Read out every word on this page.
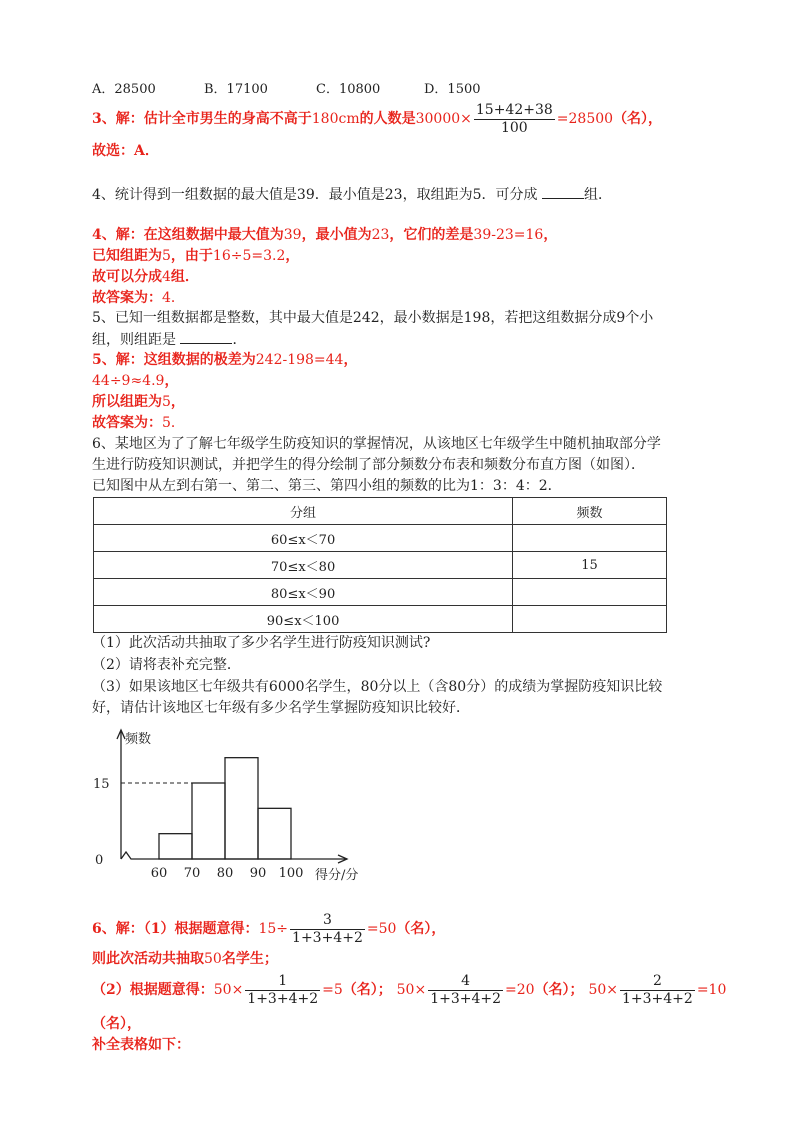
A．28500	B．17100	C．10800	D．1500
3、解：估计全市男生的身高不高于180cm的人数是$30000\times \frac{15+42+38}{100} =28500$（名），
故选：A．
4、统计得到一组数据的最大值是39．最小值是23，取组距为5．可分成	组．
4、解：在这组数据中最大值为39，最小值为23，它们的差是39-23=16，
已知组距为5，由于16÷5=3.2，
故可以分成4组．
故答案为：4．
5、已知一组数据都是整数，其中最大值是242，最小数据是198，若把这组数据分成9个小
组，则组距是	．
5、解：这组数据的极差为242-198=44，
44÷9≈4.9，
所以组距为5，
故答案为：5．
6、某地区为了了解七年级学生防疫知识的掌握情况，从该地区七年级学生中随机抽取部分学
生进行防疫知识测试，并把学生的得分绘制了部分频数分布表和频数分布直方图（如图）．
已知图中从左到右第一、第二、第三、第四小组的频数的比为1：3：4：2．
分组	频数
60≤x＜70	
70≤x＜80	15
80≤x＜90	
90≤x＜100	
（1）此次活动共抽取了多少名学生进行防疫知识测试?
（2）请将表补充完整．
（3）如果该地区七年级共有6000名学生，80分以上（含80分）的成绩为掌握防疫知识比较
好，请估计该地区七年级有多少名学生掌握防疫知识比较好．
0
15
60 70 80 90 100
频数
得分/分
6、解：（1）根据题意得：$15\div \frac{3}{1+3+4+2} =50$（名），
则此次活动共抽取50名学生；
（2）根据题意得：$50\times \frac{1}{1+3+4+2} =5$（名）； $50\times \frac{4}{1+3+4+2} =20$（名）； $50\times \frac{2}{1+3+4+2} =10$
（名），
补全表格如下：
